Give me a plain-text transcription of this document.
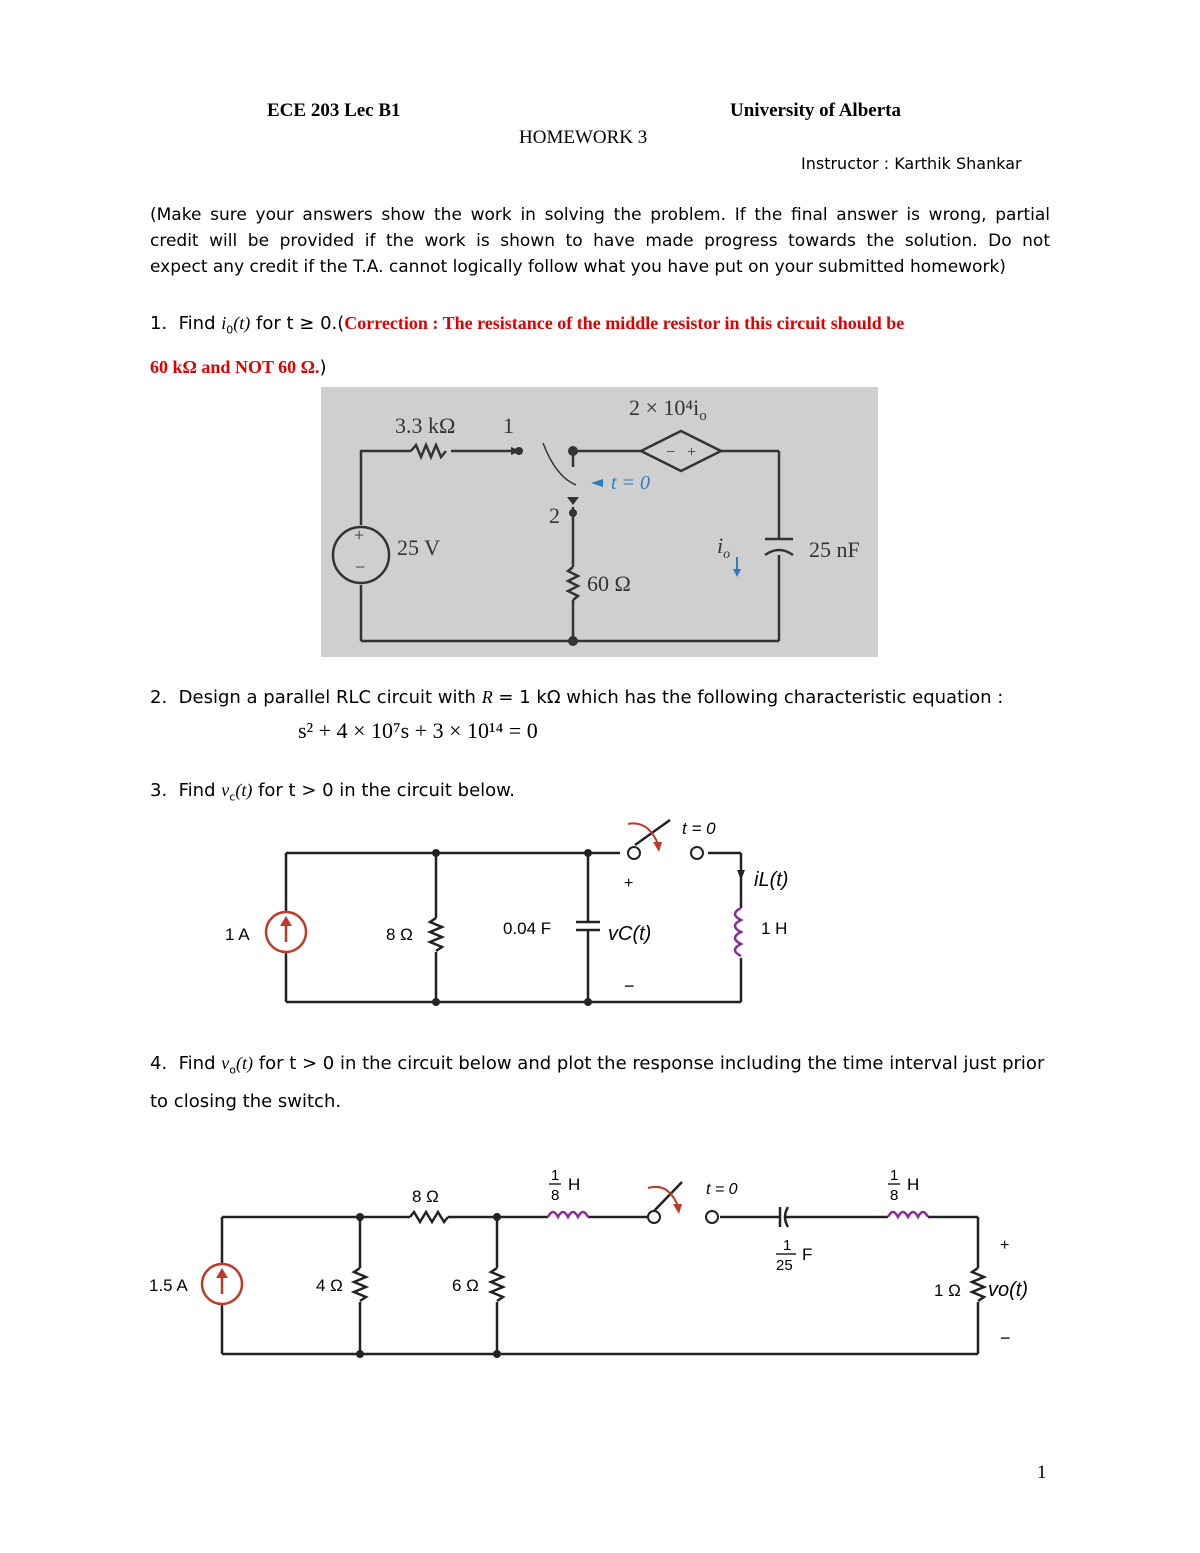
ECE 203 Lec B1	University of Alberta
HOMEWORK 3
Instructor : Karthik Shankar
(Make sure your answers show the work in solving the problem. If the final answer is wrong, partial
credit will be provided if the work is shown to have made progress towards the solution. Do not
expect any credit if the T.A. cannot logically follow what you have put on your submitted homework)
1. Find $i_0(t)$ for t ≥ 0.(Correction : The resistance of the middle resistor in this circuit should be
60 kΩ and NOT 60 Ω.)
3.3 kΩ 1
2
$2 \times 10^4i_o$
− +
t = 0
25 V
+
−
60 Ω
$i_o$	25 nF
2. Design a parallel RLC circuit with R = 1 kΩ which has the following characteristic equation :
s² + 4 × 10⁷s + 3 × 10¹⁴ = 0
3. Find $v_c(t)$ for t > 0 in the circuit below.
1 A	8 Ω	0.04 F	vC(t)
+
−
t = 0
iL(t)
1 H
4. Find $v_o(t)$ for t > 0 in the circuit below and plot the response including the time interval just prior
to closing the switch.
1.5 A	4 Ω
8 Ω
6 Ω
1
8
H	t = 0
1
25
F
1
8
H
1 Ω vo(t)
+
−
1
